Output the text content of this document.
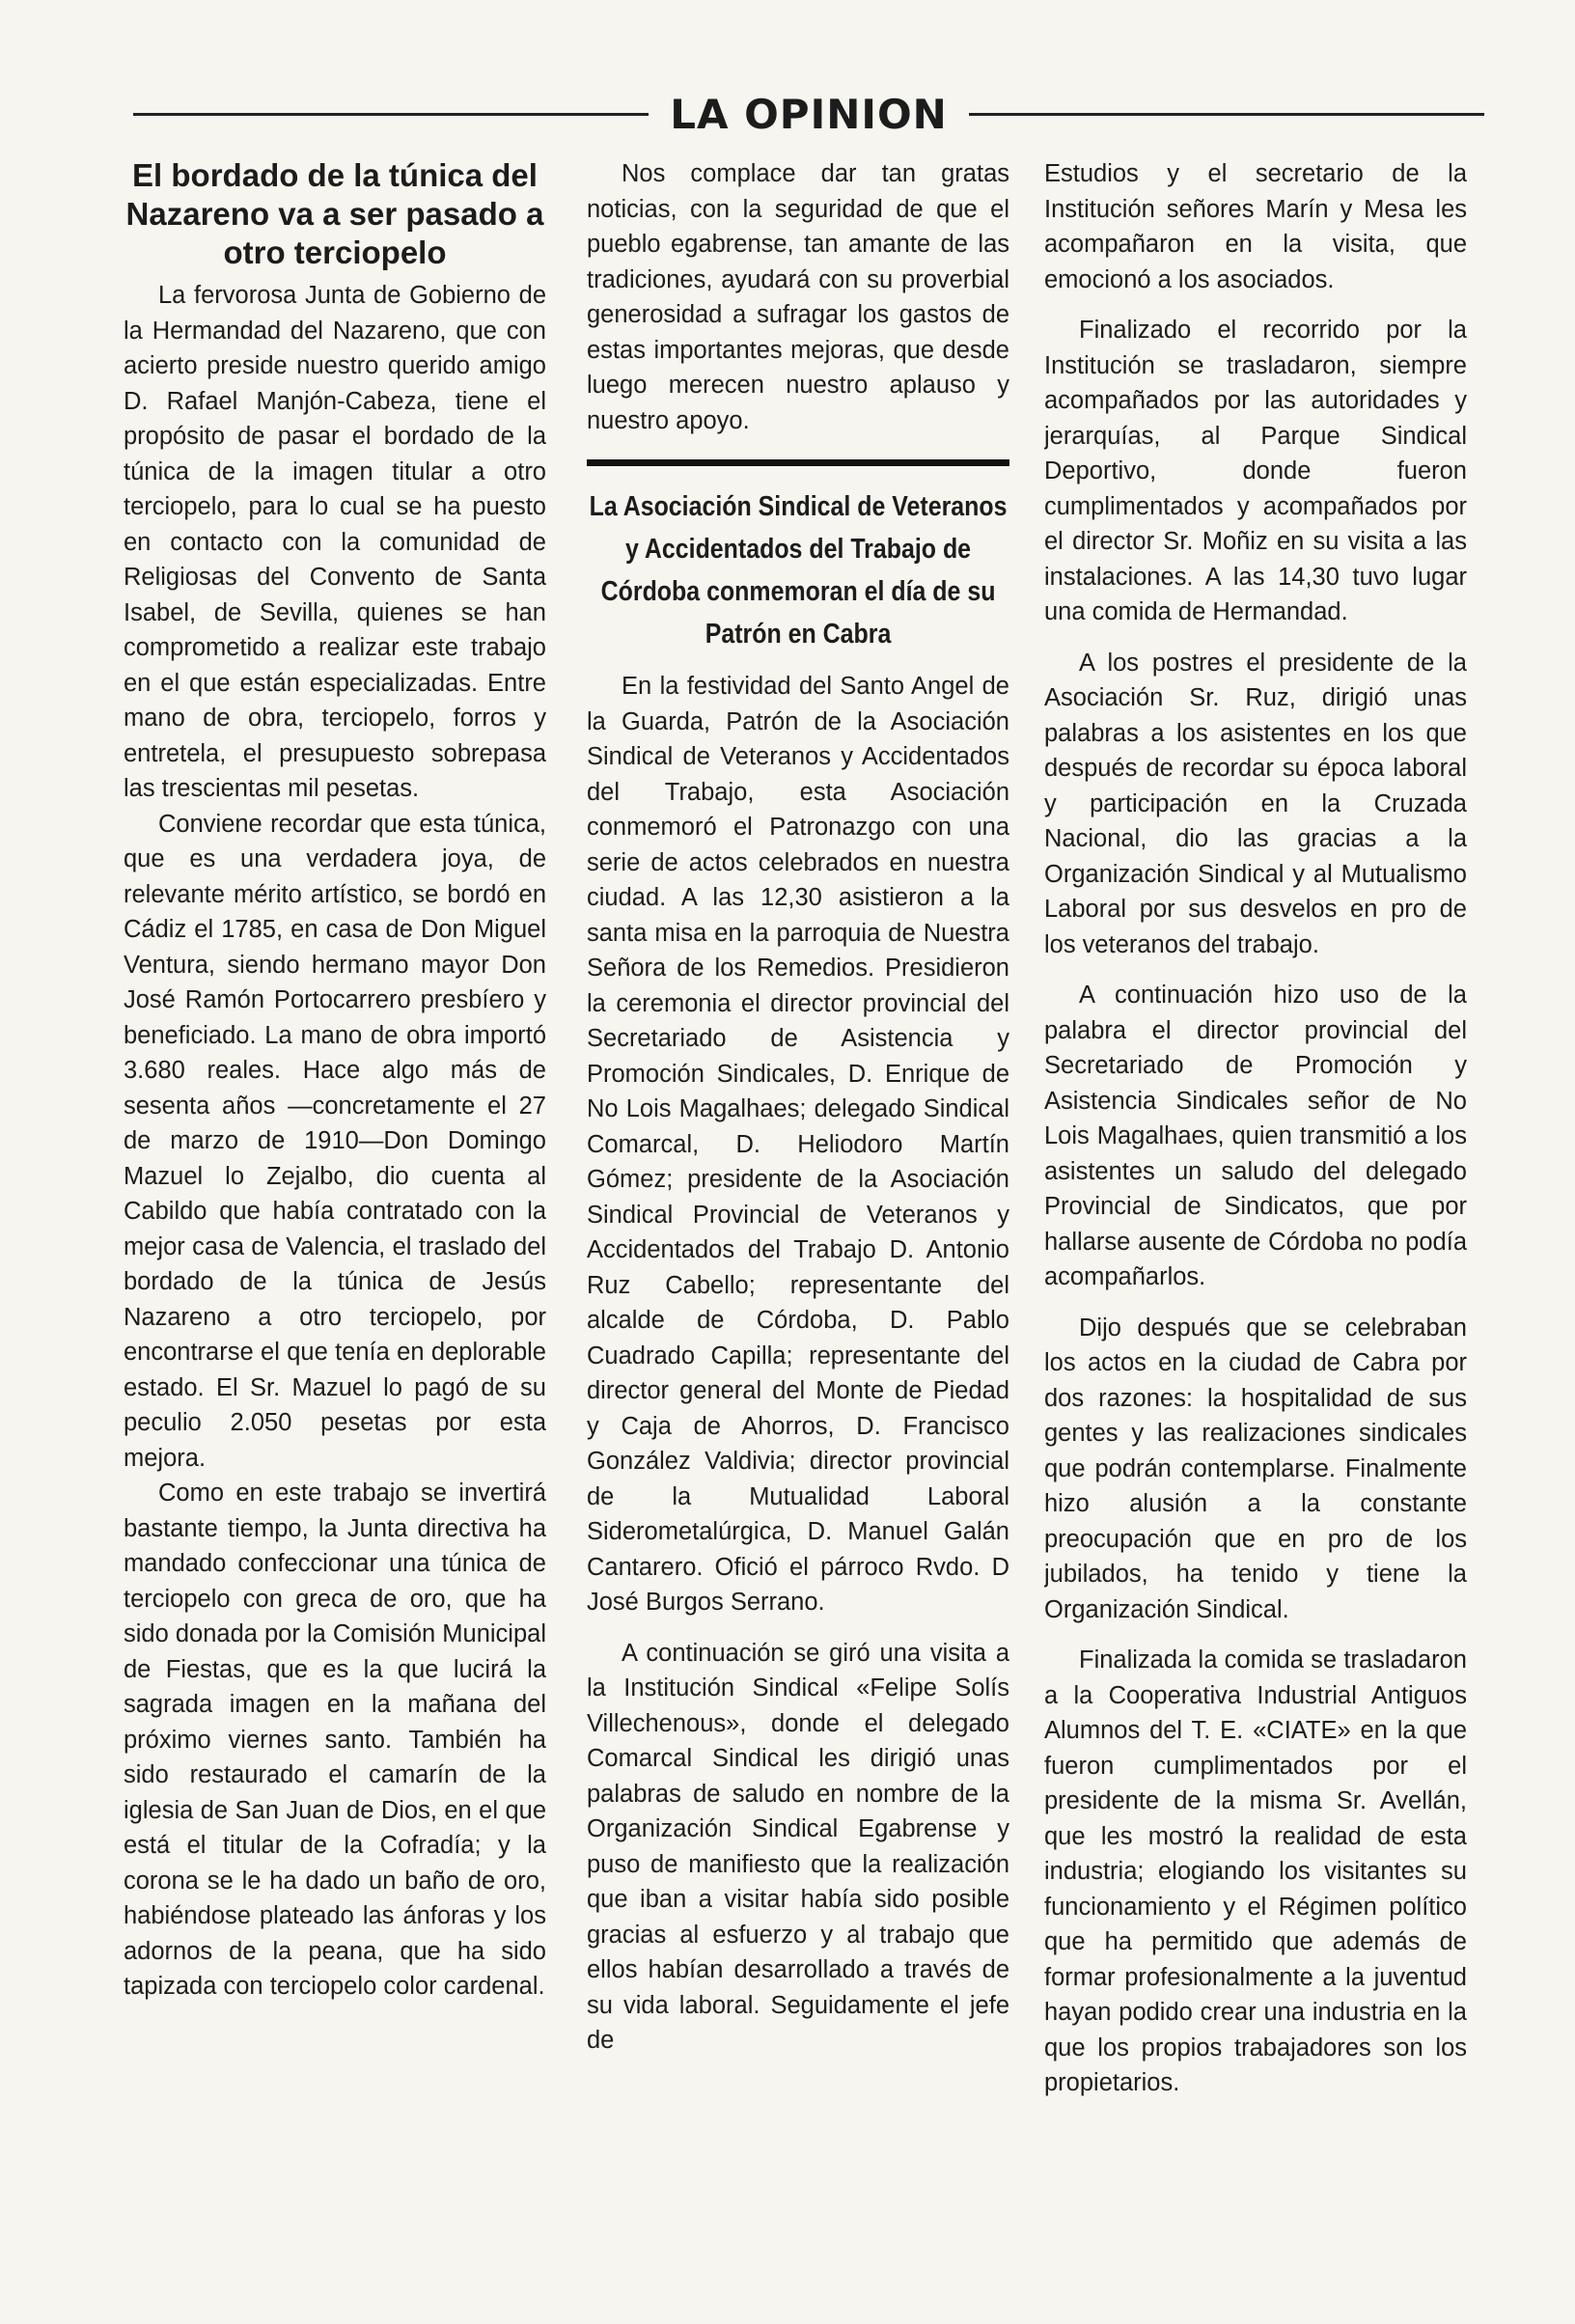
LA OPINION
El bordado de la túnica del Nazareno va a ser pasado a otro terciopelo

La fervorosa Junta de Gobierno de la Hermandad del Nazareno, que con acierto preside nuestro querido amigo D. Rafael Manjón-Cabeza, tiene el propósito de pasar el bordado de la túnica de la imagen titular a otro terciopelo, para lo cual se ha puesto en contacto con la comunidad de Religiosas del Convento de Santa Isabel, de Sevilla, quienes se han comprometido a realizar este trabajo en el que están especializadas. Entre mano de obra, terciopelo, forros y entretela, el presupuesto sobrepasa las trescientas mil pesetas.

Conviene recordar que esta túnica, que es una verdadera joya, de relevante mérito artístico, se bordó en Cádiz el 1785, en casa de Don Miguel Ventura, siendo hermano mayor Don José Ramón Portocarrero presbíero y beneficiado. La mano de obra importó 3.680 reales. Hace algo más de sesenta años —concretamente el 27 de marzo de 1910—Don Domingo Mazuel lo Zejalbo, dio cuenta al Cabildo que había contratado con la mejor casa de Valencia, el traslado del bordado de la túnica de Jesús Nazareno a otro terciopelo, por encontrarse el que tenía en deplorable estado. El Sr. Mazuel lo pagó de su peculio 2.050 pesetas por esta mejora.

Como en este trabajo se invertirá bastante tiempo, la Junta directiva ha mandado confeccionar una túnica de terciopelo con greca de oro, que ha sido donada por la Comisión Municipal de Fiestas, que es la que lucirá la sagrada imagen en la mañana del próximo viernes santo. También ha sido restaurado el camarín de la iglesia de San Juan de Dios, en el que está el titular de la Cofradía; y la corona se le ha dado un baño de oro, habiéndose plateado las ánforas y los adornos de la peana, que ha sido tapizada con terciopelo color cardenal.

Nos complace dar tan gratas noticias, con la seguridad de que el pueblo egabrense, tan amante de las tradiciones, ayudará con su proverbial generosidad a sufragar los gastos de estas importantes mejoras, que desde luego merecen nuestro aplauso y nuestro apoyo.

La Asociación Sindical de Veteranos y Accidentados del Trabajo de Córdoba conmemoran el día de su Patrón en Cabra

En la festividad del Santo Angel de la Guarda, Patrón de la Asociación Sindical de Veteranos y Accidentados del Trabajo, esta Asociación conmemoró el Patronazgo con una serie de actos celebrados en nuestra ciudad. A las 12,30 asistieron a la santa misa en la parroquia de Nuestra Señora de los Remedios. Presidieron la ceremonia el director provincial del Secretariado de Asistencia y Promoción Sindicales, D. Enrique de No Lois Magalhaes; delegado Sindical Comarcal, D. Heliodoro Martín Gómez; presidente de la Asociación Sindical Provincial de Veteranos y Accidentados del Trabajo D. Antonio Ruz Cabello; representante del alcalde de Córdoba, D. Pablo Cuadrado Capilla; representante del director general del Monte de Piedad y Caja de Ahorros, D. Francisco González Valdivia; director provincial de la Mutualidad Laboral Siderometalúrgica, D. Manuel Galán Cantarero. Ofició el párroco Rvdo. D José Burgos Serrano.

A continuación se giró una visita a la Institución Sindical «Felipe Solís Villechenous», donde el delegado Comarcal Sindical les dirigió unas palabras de saludo en nombre de la Organización Sindical Egabrense y puso de manifiesto que la realización que iban a visitar había sido posible gracias al esfuerzo y al trabajo que ellos habían desarrollado a través de su vida laboral. Seguidamente el jefe de

Estudios y el secretario de la Institución señores Marín y Mesa les acompañaron en la visita, que emocionó a los asociados.

Finalizado el recorrido por la Institución se trasladaron, siempre acompañados por las autoridades y jerarquías, al Parque Sindical Deportivo, donde fueron cumplimentados y acompañados por el director Sr. Moñiz en su visita a las instalaciones. A las 14,30 tuvo lugar una comida de Hermandad.

A los postres el presidente de la Asociación Sr. Ruz, dirigió unas palabras a los asistentes en los que después de recordar su época laboral y participación en la Cruzada Nacional, dio las gracias a la Organización Sindical y al Mutualismo Laboral por sus desvelos en pro de los veteranos del trabajo.

A continuación hizo uso de la palabra el director provincial del Secretariado de Promoción y Asistencia Sindicales señor de No Lois Magalhaes, quien transmitió a los asistentes un saludo del delegado Provincial de Sindicatos, que por hallarse ausente de Córdoba no podía acompañarlos.

Dijo después que se celebraban los actos en la ciudad de Cabra por dos razones: la hospitalidad de sus gentes y las realizaciones sindicales que podrán contemplarse. Finalmente hizo alusión a la constante preocupación que en pro de los jubilados, ha tenido y tiene la Organización Sindical.

Finalizada la comida se trasladaron a la Cooperativa Industrial Antiguos Alumnos del T. E. «CIATE» en la que fueron cumplimentados por el presidente de la misma Sr. Avellán, que les mostró la realidad de esta industria; elogiando los visitantes su funcionamiento y el Régimen político que ha permitido que además de formar profesionalmente a la juventud hayan podido crear una industria en la que los propios trabajadores son los propietarios.
